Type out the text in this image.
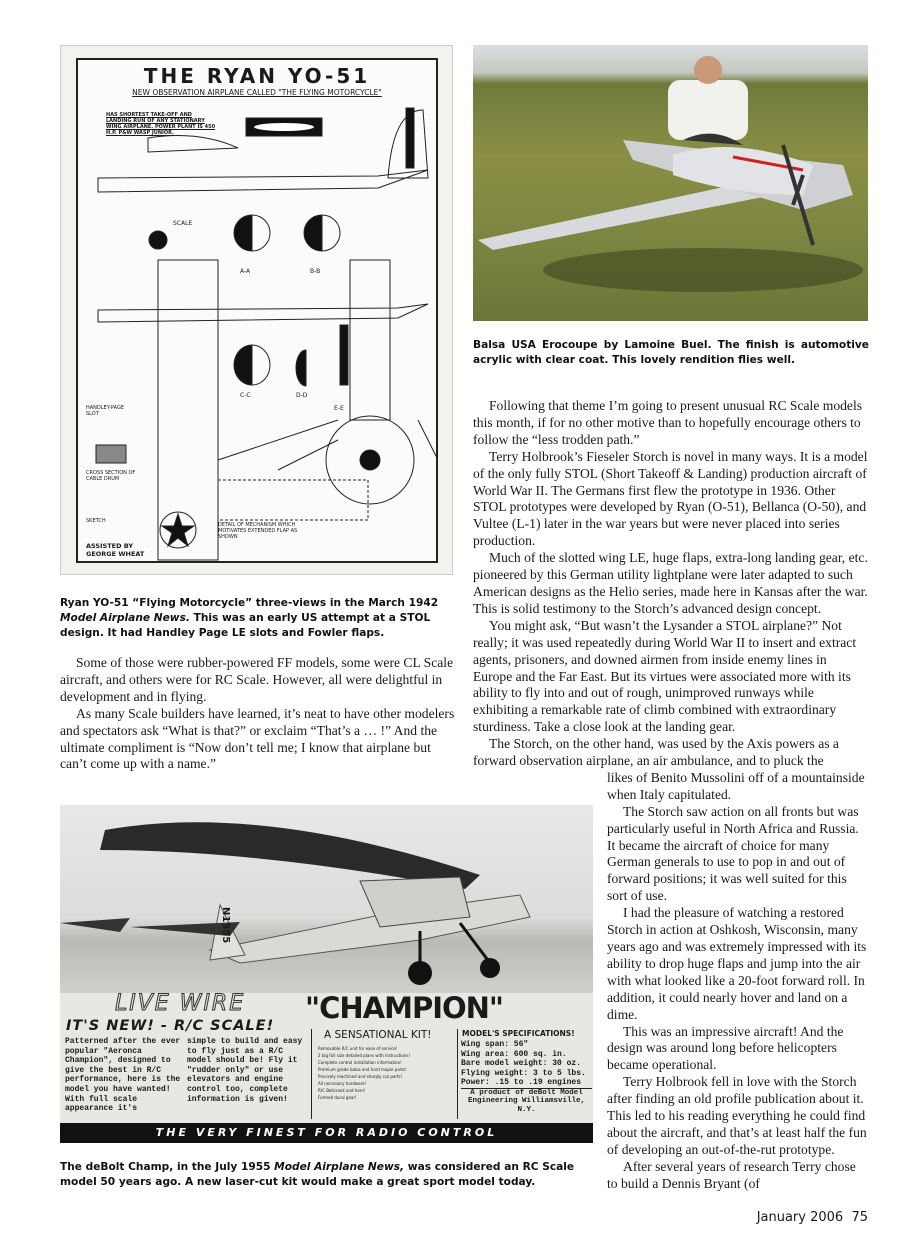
THE RYAN YO-51
NEW OBSERVATION AIRPLANE CALLED "THE FLYING MOTORCYCLE"
HAS SHORTEST TAKE-OFF AND LANDING RUN OF ANY STATIONARY WING AIRPLANE. POWER PLANT IS 450 H.P. P&W WASP JUNIOR.
SCALE
A-A	B-B
C-C	D-D
E-E
HANDLEY-PAGE SLOT
CROSS SECTION OF CABLE DRUM
SKETCH
DETAIL OF MECHANISM WHICH MOTIVATES EXTENDED FLAP AS SHOWN
ASSISTED BY GEORGE WHEAT
Ryan YO-51 “Flying Motorcycle” three-views in the March 1942 Model Airplane News. This was an early US attempt at a STOL design. It had Handley Page LE slots and Fowler flaps.
Balsa USA Erocoupe by Lamoine Buel. The finish is automotive acrylic with clear coat. This lovely rendition flies well.

Some of those were rubber-powered FF models, some were CL Scale aircraft, and others were for RC Scale. However, all were delightful in development and in flying.

As many Scale builders have learned, it’s neat to have other modelers and spectators ask “What is that?” or exclaim “That’s a … !” And the ultimate compliment is “Now don’t tell me; I know that airplane but can’t come up with a name.”

Following that theme I’m going to present unusual RC Scale models this month, if for no other motive than to hopefully encourage others to follow the “less trodden path.”

Terry Holbrook’s Fieseler Storch is novel in many ways. It is a model of the only fully STOL (Short Takeoff & Landing) production aircraft of World War II. The Germans first flew the prototype in 1936. Other STOL prototypes were developed by Ryan (O-51), Bellanca (O-50), and Vultee (L-1) later in the war years but were never placed into series production.

Much of the slotted wing LE, huge flaps, extra-long landing gear, etc. pioneered by this German utility lightplane were later adapted to such American designs as the Helio series, made here in Kansas after the war. This is solid testimony to the Storch’s advanced design concept.

You might ask, “But wasn’t the Lysander a STOL airplane?” Not really; it was used repeatedly during World War II to insert and extract agents, prisoners, and downed airmen from inside enemy lines in Europe and the Far East. But its virtues were associated more with its ability to fly into and out of rough, unimproved runways while exhibiting a remarkable rate of climb combined with extraordinary sturdiness. Take a close look at the landing gear.

The Storch, on the other hand, was used by the Axis powers as a forward observation airplane, an air ambulance, and to pluck the

likes of Benito Mussolini off of a mountainside when Italy capitulated.

The Storch saw action on all fronts but was particularly useful in North Africa and Russia. It became the aircraft of choice for many German generals to use to pop in and out of forward positions; it was well suited for this sort of use.

I had the pleasure of watching a restored Storch in action at Oshkosh, Wisconsin, many years ago and was extremely impressed with its ability to drop huge flaps and jump into the air with what looked like a 20-foot forward roll. In addition, it could nearly hover and land on a dime.

This was an impressive aircraft! And the design was around long before helicopters became operational.

Terry Holbrook fell in love with the Storch after finding an old profile publication about it. This led to his reading everything he could find about the aircraft, and that’s at least half the fun of developing an out-of-the-rut prototype.

After several years of research Terry chose to build a Dennis Bryant (of

N1555
LIVE WIRE
IT'S NEW! - R/C SCALE!
Patterned after the ever popular "Aeronca Champion", designed to give the best in R/C performance, here is the model you have wanted! With full scale appearance it's
simple to build and easy to fly just as a R/C model should be! Fly it "rudder only" or use elevators and engine control too, complete information is given!
"CHAMPION"
A SENSATIONAL KIT!
Removable R/C unit for ease of service!
2 big full size detailed plans with instructions!
Complete control installation information!
Premium grade balsa and hard maple parts!
Precisely machined and sharply cut parts!
All necessary hardware!
R/C Bellcrank and horn!
Formed dural gear!
MODEL'S SPECIFICATIONS!
Wing span: 56"
Wing area: 600 sq. in.
Bare model weight: 30 oz.
Flying weight: 3 to 5 lbs.
Power: .15 to .19 engines
A product of deBolt Model Engineering Williamsville, N.Y.
THE VERY FINEST FOR RADIO CONTROL
The deBolt Champ, in the July 1955 Model Airplane News, was considered an RC Scale model 50 years ago. A new laser-cut kit would make a great sport model today.
January 2006 75
